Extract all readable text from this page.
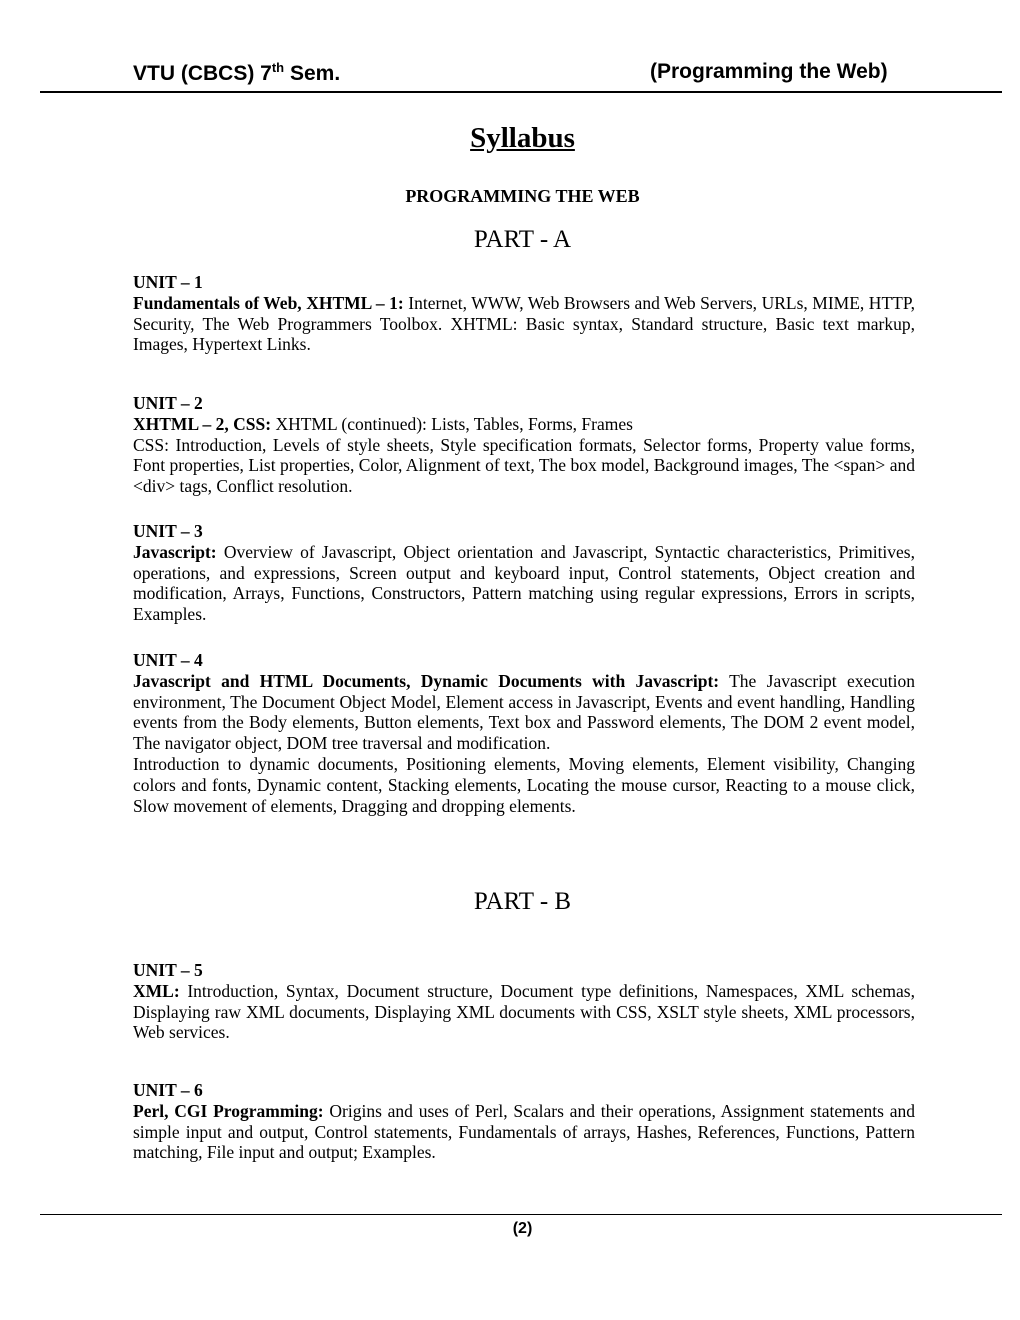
VTU (CBCS) 7th Sem.	(Programming the Web)
Syllabus
PROGRAMMING THE WEB
PART - A
PART - B
UNIT – 1

Fundamentals of Web, XHTML – 1: Internet, WWW, Web Browsers and Web Servers, URLs, MIME, HTTP, Security, The Web Programmers Toolbox. XHTML: Basic syntax, Standard structure, Basic text markup, Images, Hypertext Links.

UNIT – 2

XHTML – 2, CSS: XHTML (continued): Lists, Tables, Forms, Frames

CSS: Introduction, Levels of style sheets, Style specification formats, Selector forms, Property value forms, Font properties, List properties, Color, Alignment of text, The box model, Background images, The <span> and <div> tags, Conflict resolution.

UNIT – 3

Javascript: Overview of Javascript, Object orientation and Javascript, Syntactic characteristics, Primitives, operations, and expressions, Screen output and keyboard input, Control statements, Object creation and modification, Arrays, Functions, Constructors, Pattern matching using regular expressions, Errors in scripts, Examples.

UNIT – 4

Javascript and HTML Documents, Dynamic Documents with Javascript: The Javascript execution environment, The Document Object Model, Element access in Javascript, Events and event handling, Handling events from the Body elements, Button elements, Text box and Password elements, The DOM 2 event model, The navigator object, DOM tree traversal and modification.

Introduction to dynamic documents, Positioning elements, Moving elements, Element visibility, Changing colors and fonts, Dynamic content, Stacking elements, Locating the mouse cursor, Reacting to a mouse click, Slow movement of elements, Dragging and dropping elements.

UNIT – 5

XML: Introduction, Syntax, Document structure, Document type definitions, Namespaces, XML schemas, Displaying raw XML documents, Displaying XML documents with CSS, XSLT style sheets, XML processors, Web services.

UNIT – 6

Perl, CGI Programming: Origins and uses of Perl, Scalars and their operations, Assignment statements and simple input and output, Control statements, Fundamentals of arrays, Hashes, References, Functions, Pattern matching, File input and output; Examples.

(2)
